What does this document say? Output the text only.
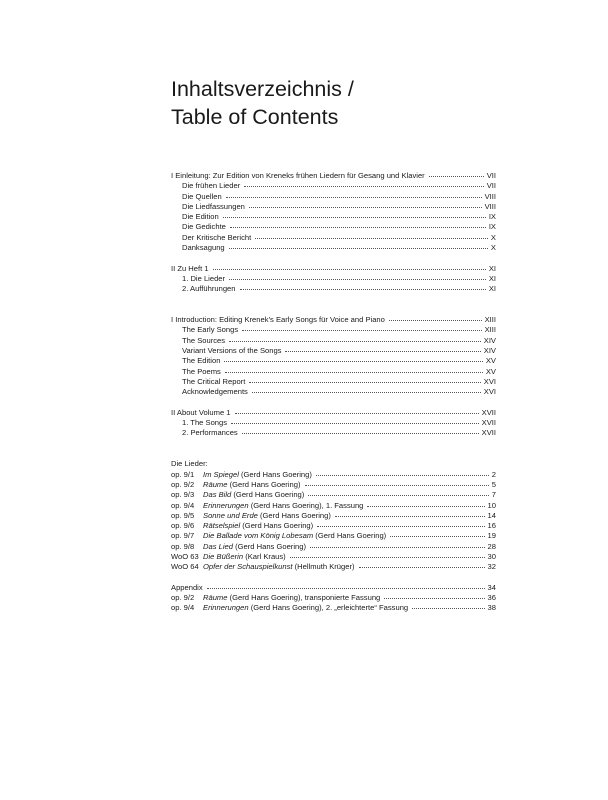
Inhaltsverzeichnis /
Table of Contents
I Einleitung: Zur Edition von Kreneks frühen Liedern für Gesang und Klavier	VII
Die frühen Lieder	VII
Die Quellen	VIII
Die Liedfassungen	VIII
Die Edition	IX
Die Gedichte	IX
Der Kritische Bericht	X
Danksagung	X
II Zu Heft 1	XI
1. Die Lieder	XI
2. Aufführungen	XI
I Introduction: Editing Krenek’s Early Songs für Voice and Piano	XIII
The Early Songs	XIII
The Sources	XIV
Variant Versions of the Songs	XIV
The Edition	XV
The Poems	XV
The Critical Report	XVI
Acknowledgements	XVI
II About Volume 1	XVII
1. The Songs	XVII
2. Performances	XVII
Die Lieder:
op. 9/1	Im Spiegel (Gerd Hans Goering)	2
op. 9/2	Räume (Gerd Hans Goering)	5
op. 9/3	Das Bild (Gerd Hans Goering)	7
op. 9/4	Erinnerungen (Gerd Hans Goering), 1. Fassung	10
op. 9/5	Sonne und Erde (Gerd Hans Goering)	14
op. 9/6	Rätselspiel (Gerd Hans Goering)	16
op. 9/7	Die Ballade vom König Lobesam (Gerd Hans Goering)	19
op. 9/8	Das Lied (Gerd Hans Goering)	28
WoO 63 Die Büßerin (Karl Kraus)	30
WoO 64 Opfer der Schauspielkunst (Hellmuth Krüger)	32
Appendix	34
op. 9/2	Räume (Gerd Hans Goering), transponierte Fassung	36
op. 9/4	Erinnerungen (Gerd Hans Goering), 2. „erleichterte“ Fassung	38
